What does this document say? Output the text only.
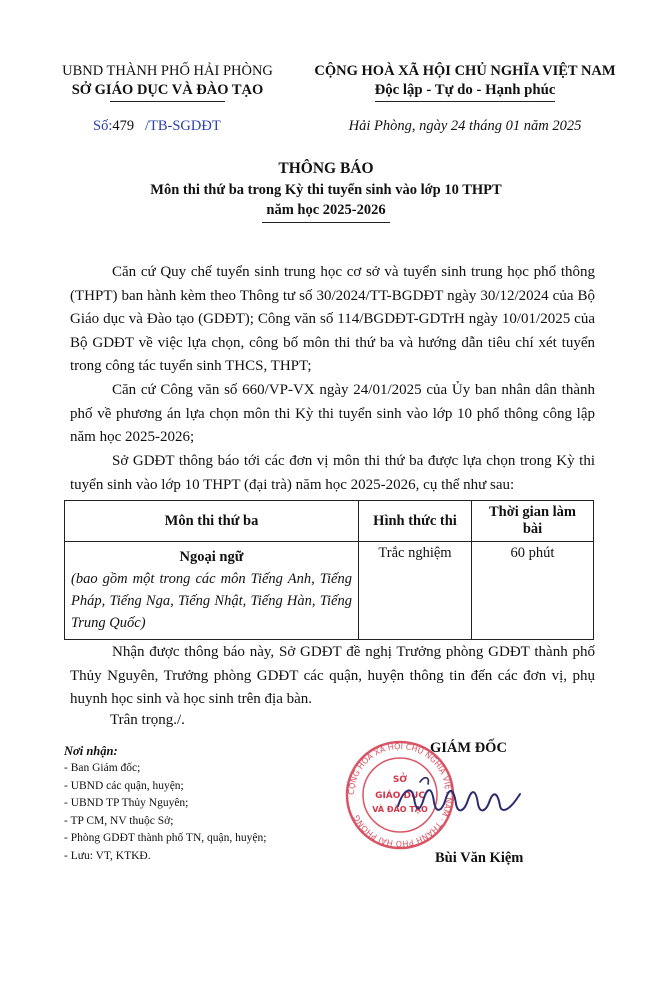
UBND THÀNH PHỐ HẢI PHÒNG
SỞ GIÁO DỤC VÀ ĐÀO TẠO
CỘNG HOÀ XÃ HỘI CHỦ NGHĨA VIỆT NAM
Độc lập - Tự do - Hạnh phúc
Số:479 /TB-SGDĐT	Hải Phòng, ngày 24 tháng 01 năm 2025
THÔNG BÁO
Môn thi thứ ba trong Kỳ thi tuyển sinh vào lớp 10 THPT
năm học 2025-2026

Căn cứ Quy chế tuyển sinh trung học cơ sở và tuyển sinh trung học phổ thông (THPT) ban hành kèm theo Thông tư số 30/2024/TT-BGDĐT ngày 30/12/2024 của Bộ Giáo dục và Đào tạo (GDĐT); Công văn số 114/BGDĐT-GDTrH ngày 10/01/2025 của Bộ GDĐT về việc lựa chọn, công bố môn thi thứ ba và hướng dẫn tiêu chí xét tuyển trong công tác tuyển sinh THCS, THPT;

Căn cứ Công văn số 660/VP-VX ngày 24/01/2025 của Ủy ban nhân dân thành phố về phương án lựa chọn môn thi Kỳ thi tuyển sinh vào lớp 10 phổ thông công lập năm học 2025-2026;

Sở GDĐT thông báo tới các đơn vị môn thi thứ ba được lựa chọn trong Kỳ thi tuyển sinh vào lớp 10 THPT (đại trà) năm học 2025-2026, cụ thể như sau:

Môn thi thứ ba	Hình thức thi	Thời gian làm bài

Ngoại ngữ
(bao gồm một trong các môn Tiếng Anh, Tiếng Pháp, Tiếng Nga, Tiếng Nhật, Tiếng Hàn, Tiếng Trung Quốc)	Trắc nghiệm	60 phút

Nhận được thông báo này, Sở GDĐT đề nghị Trưởng phòng GDĐT thành phố Thủy Nguyên, Trưởng phòng GDĐT các quận, huyện thông tin đến các đơn vị, phụ huynh học sinh và học sinh trên địa bàn.

Trân trọng./.
Nơi nhận:
- Ban Giám đốc;
- UBND các quận, huyện;
- UBND TP Thủy Nguyên;
- TP CM, NV thuộc Sở;
- Phòng GDĐT thành phố TN, quận, huyện;
- Lưu: VT, KTKĐ.
CỘNG HOÀ XÃ HỘI CHỦ NGHĨA VIỆT NAM · THÀNH PHỐ HẢI PHÒNG
SỞ
GIÁO DỤC
VÀ ĐÀO TẠO
GIÁM ĐỐC
Bùi Văn Kiệm
